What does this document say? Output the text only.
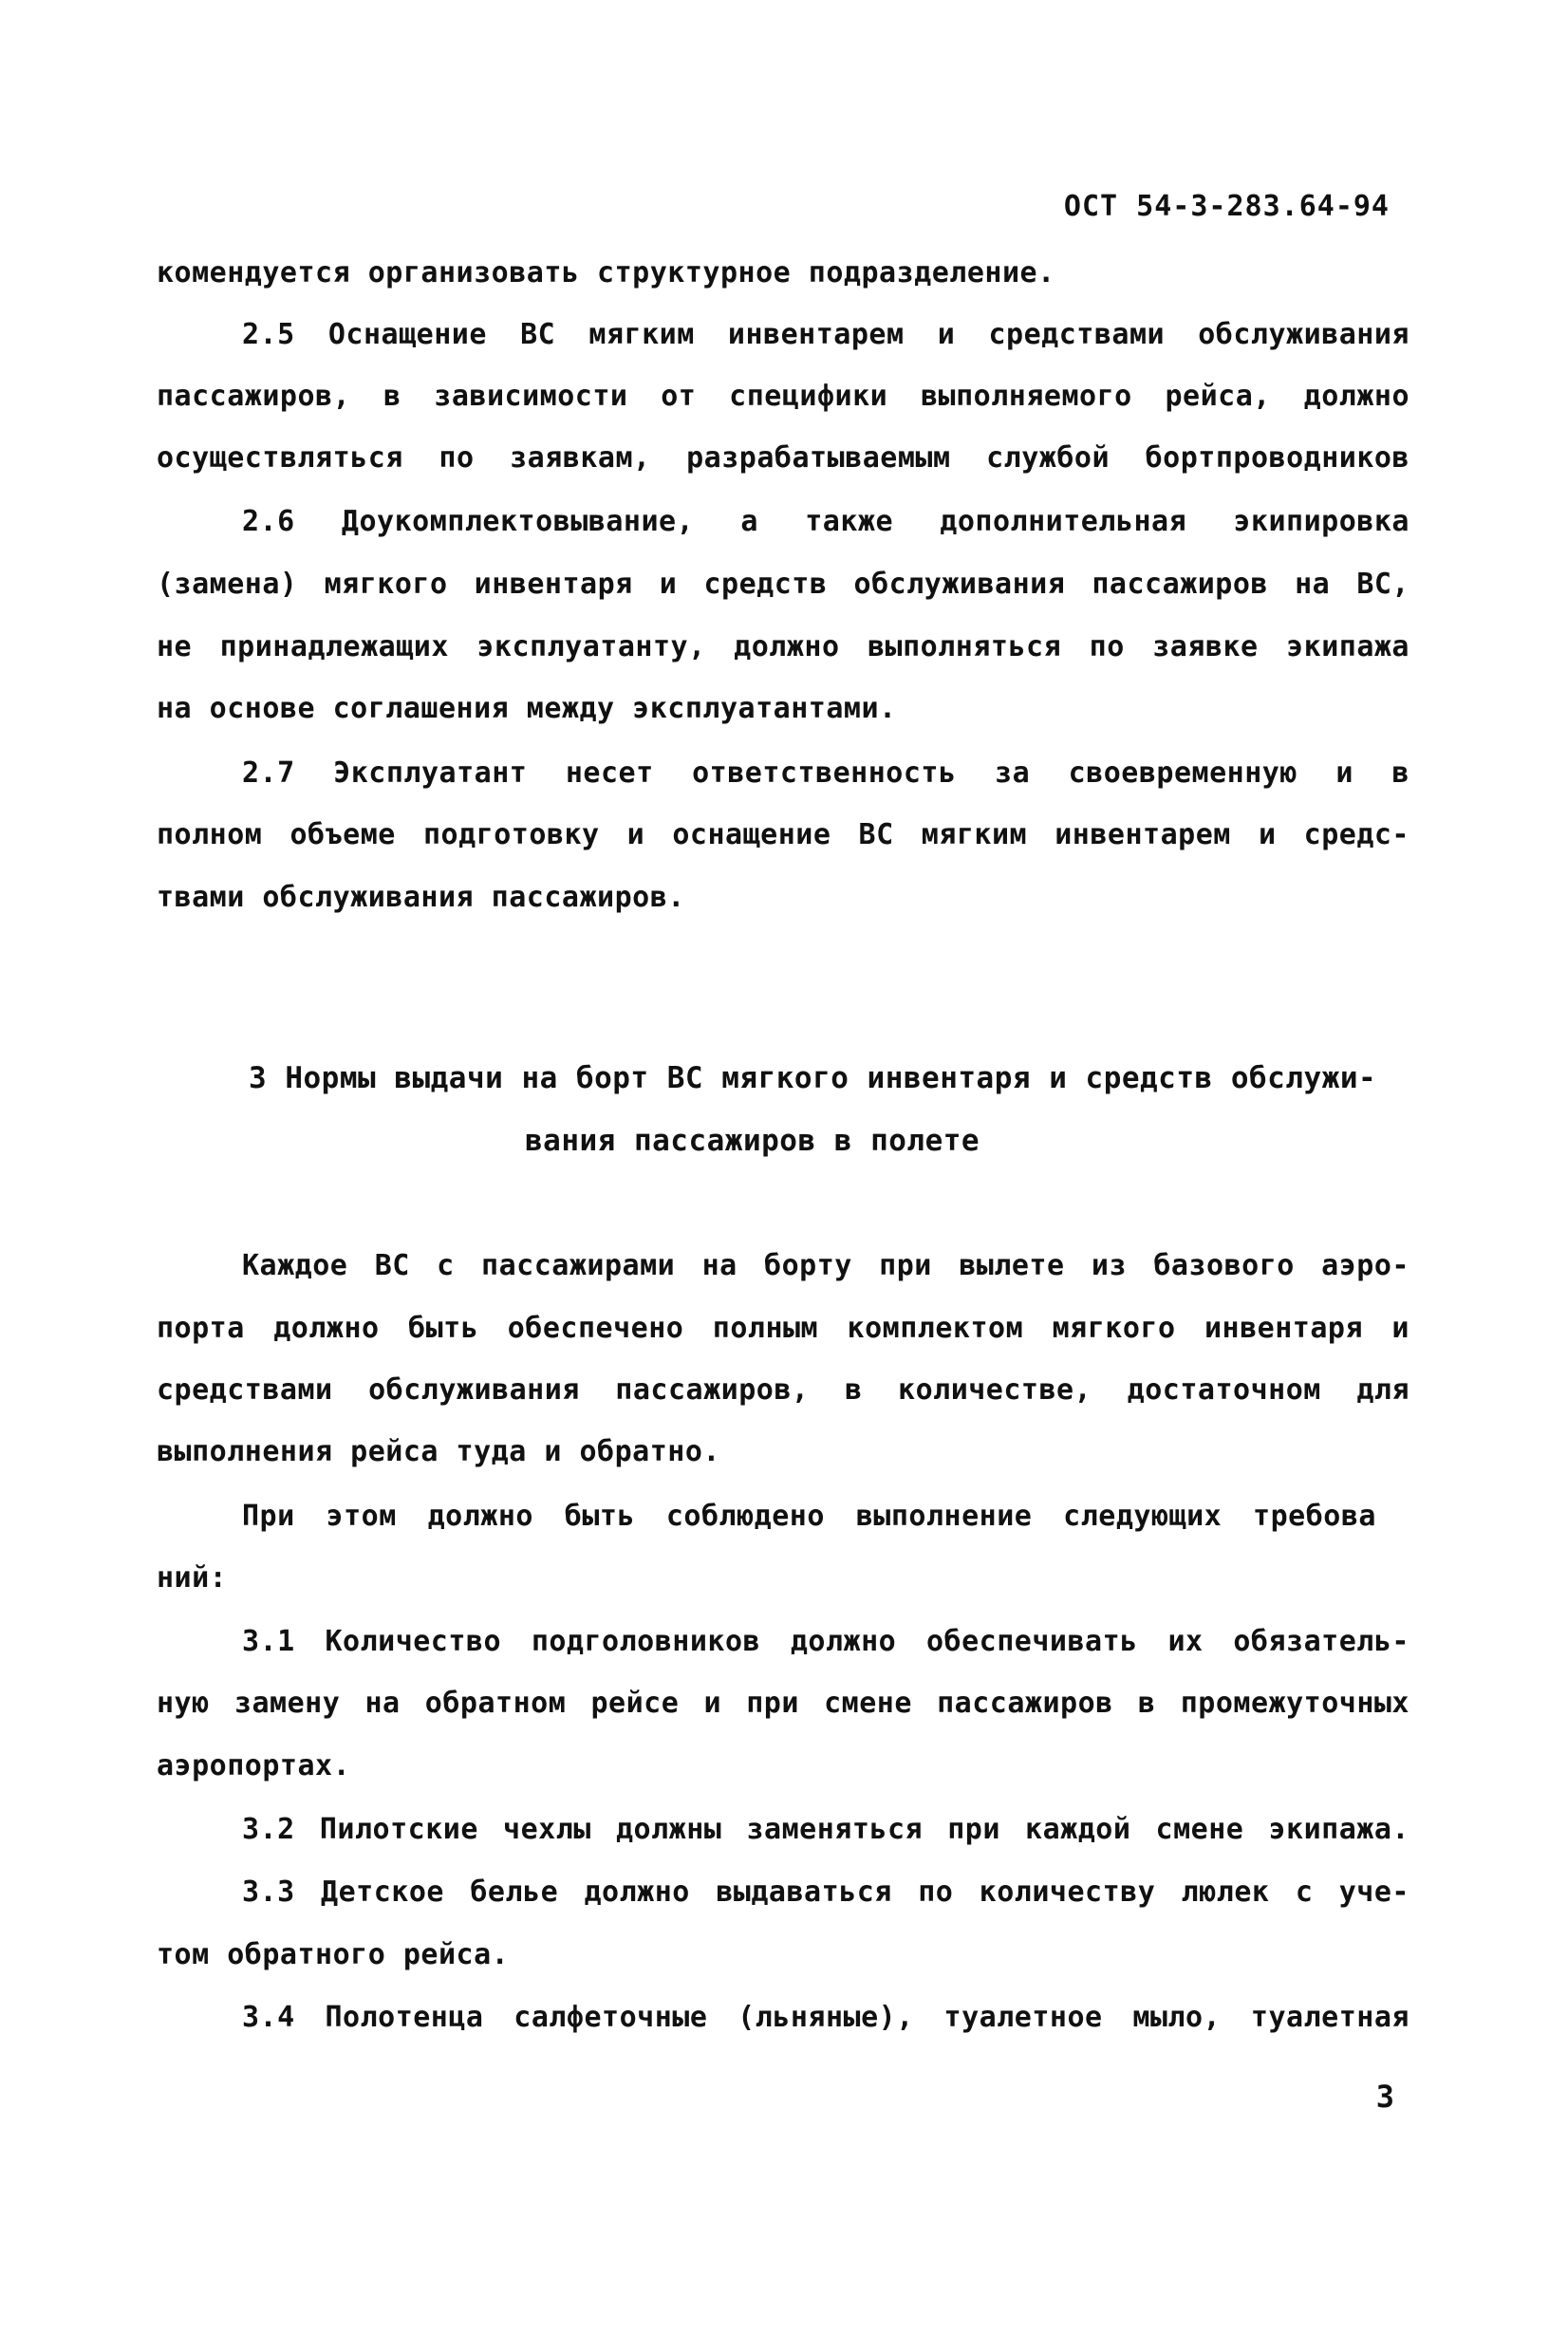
ОСТ 54-3-283.64-94
комендуется организовать структурное подразделение.
2.5 Оснащение ВС мягким инвентарем и средствами обслуживания
пассажиров, в зависимости от специфики выполняемого рейса, должно
осуществляться по заявкам, разрабатываемым службой бортпроводников
2.6 Доукомплектовывание, а также дополнительная экипировка
(замена) мягкого инвентаря и средств обслуживания пассажиров на ВС,
не принадлежащих эксплуатанту, должно выполняться по заявке экипажа
на основе соглашения между эксплуатантами.
2.7 Эксплуатант несет ответственность за своевременную и в
полном объеме подготовку и оснащение ВС мягким инвентарем и средс-
твами обслуживания пассажиров.
3 Нормы выдачи на борт ВС мягкого инвентаря и средств обслужи-
вания пассажиров в полете
Каждое ВС с пассажирами на борту при вылете из базового аэро-
порта должно быть обеспечено полным комплектом мягкого инвентаря и
средствами обслуживания пассажиров, в количестве, достаточном для
выполнения рейса туда и обратно.
При этом должно быть соблюдено выполнение следующих требова
ний:
3.1 Количество подголовников должно обеспечивать их обязатель-
ную замену на обратном рейсе и при смене пассажиров в промежуточных
аэропортах.
3.2 Пилотские чехлы должны заменяться при каждой смене экипажа.
3.3 Детское белье должно выдаваться по количеству люлек с уче-
том обратного рейса.
3.4 Полотенца салфеточные (льняные), туалетное мыло, туалетная
3
